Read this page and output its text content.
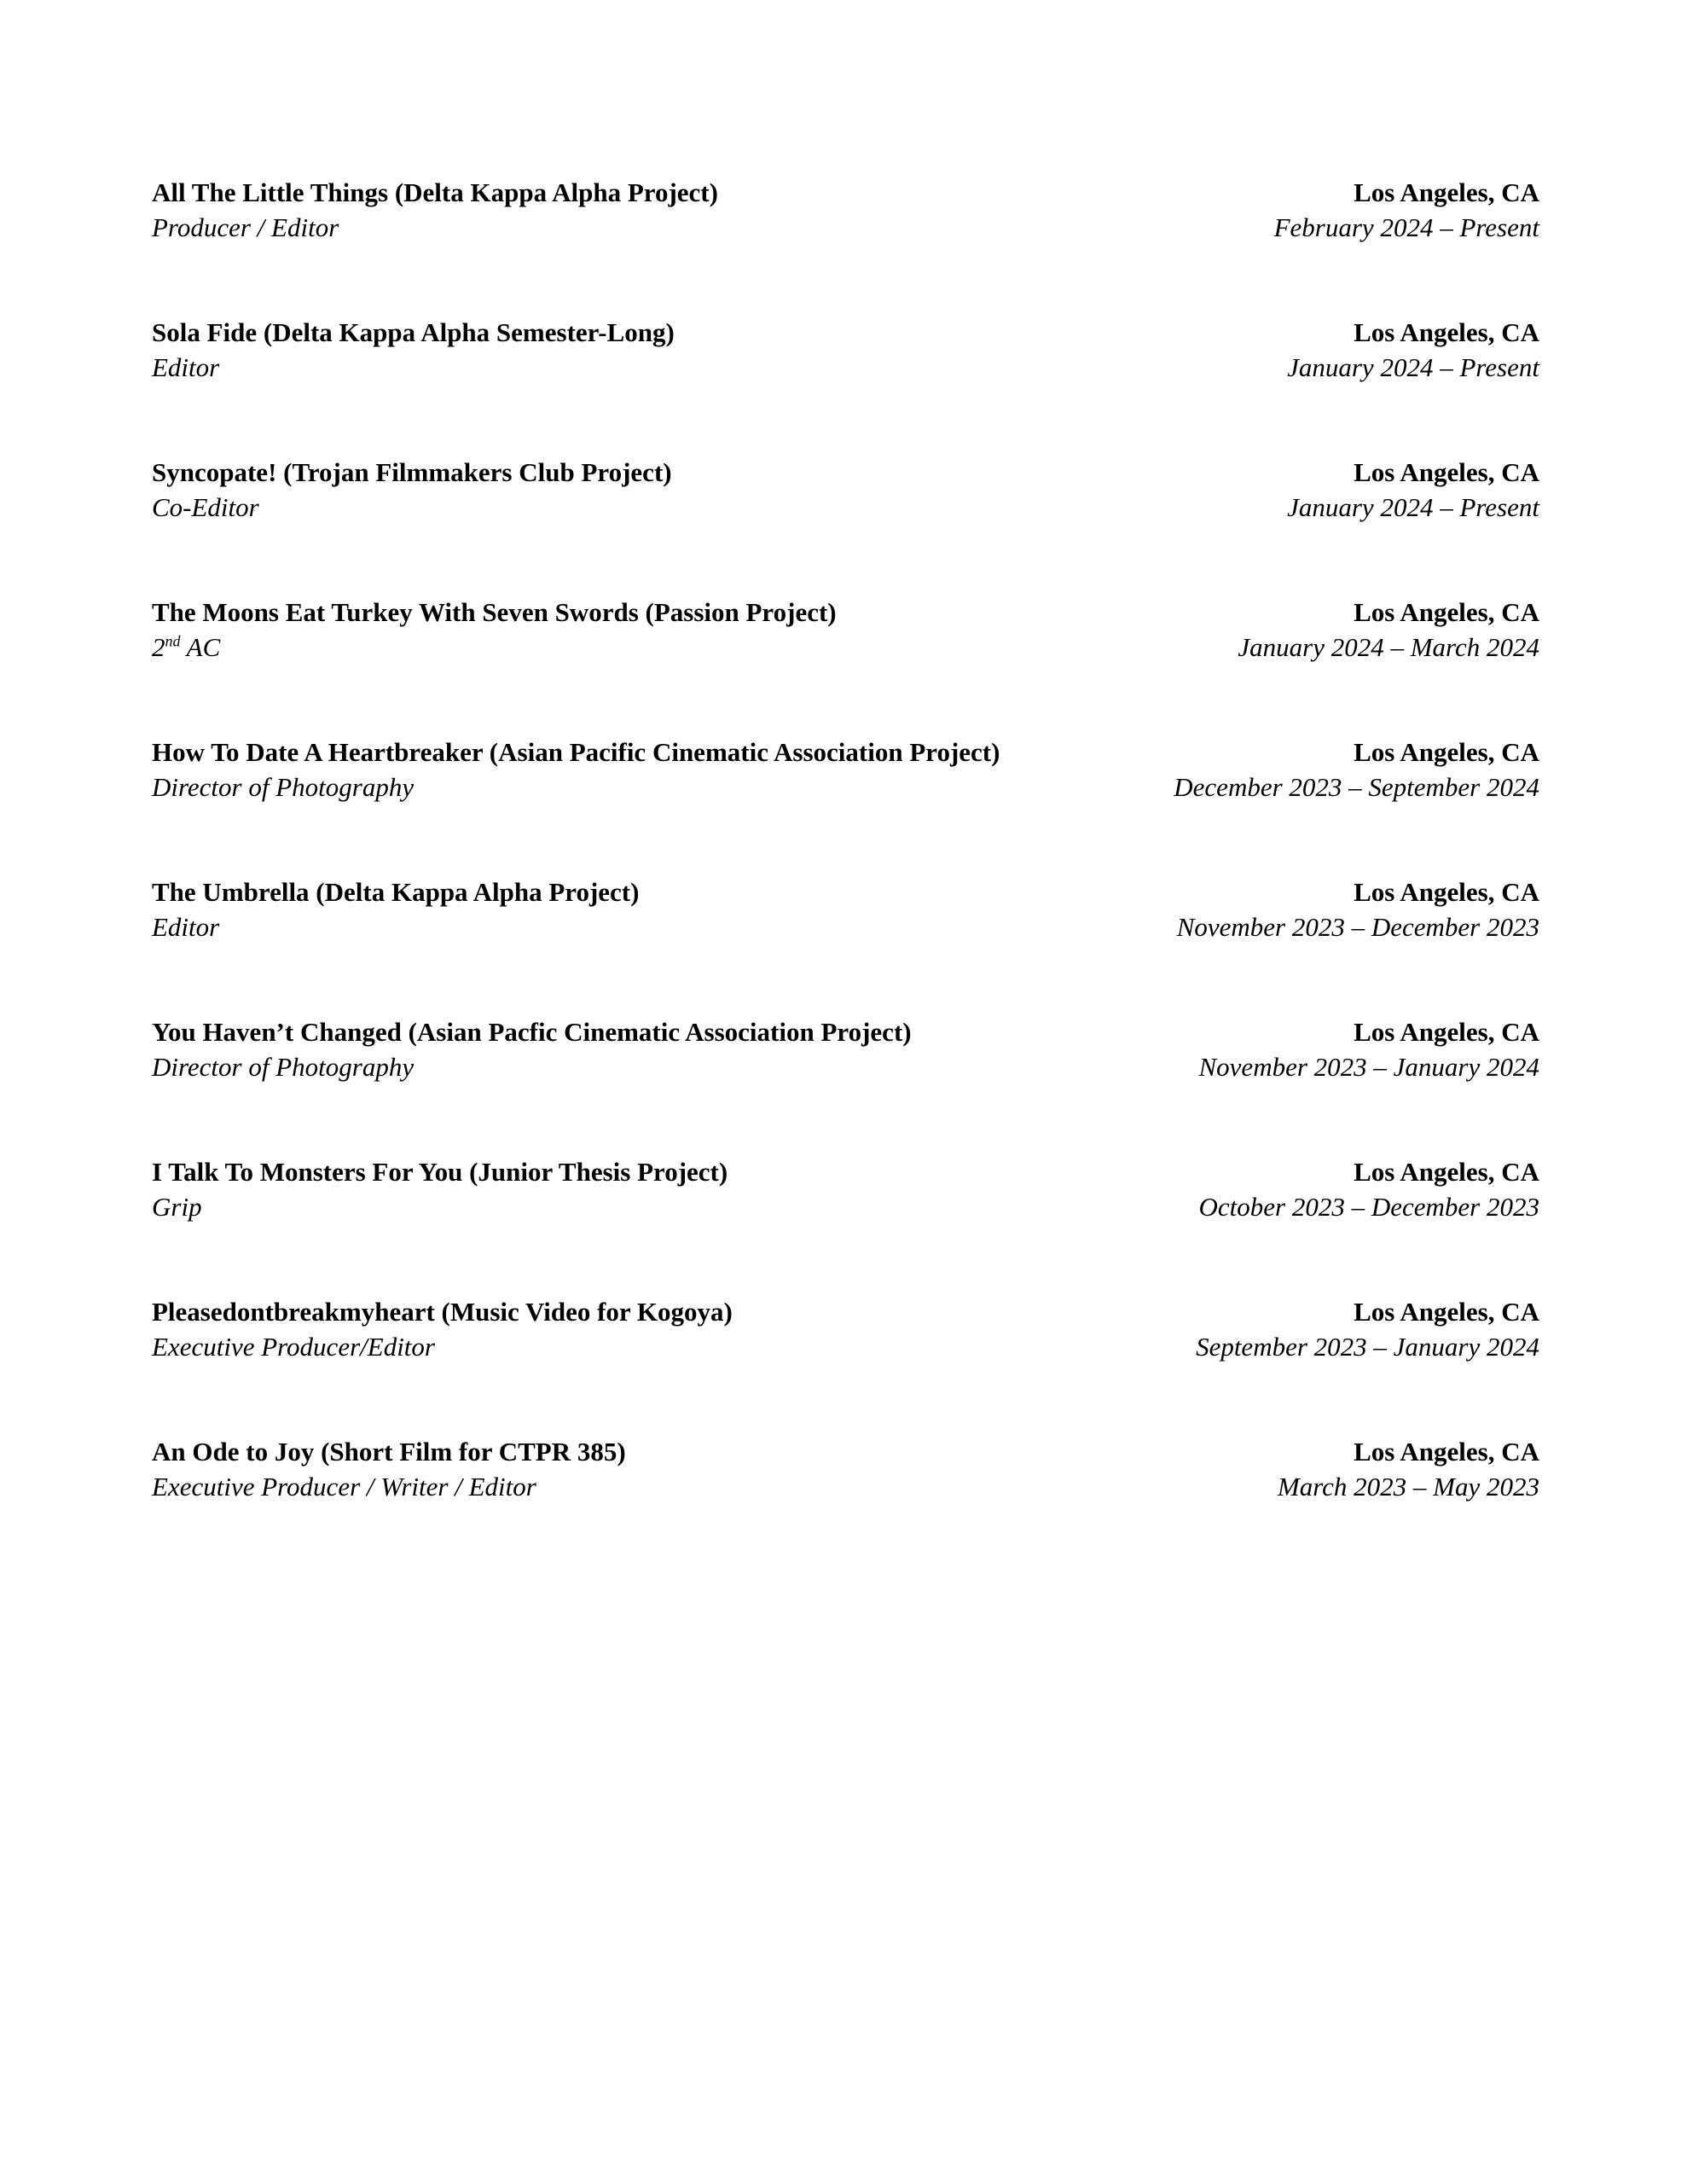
All The Little Things (Delta Kappa Alpha Project)	Los Angeles, CA
Producer / Editor	February 2024 – Present
Sola Fide (Delta Kappa Alpha Semester-Long)	Los Angeles, CA
Editor	January 2024 – Present
Syncopate! (Trojan Filmmakers Club Project)	Los Angeles, CA
Co-Editor	January 2024 – Present
The Moons Eat Turkey With Seven Swords (Passion Project)	Los Angeles, CA
2nd AC	January 2024 – March 2024
How To Date A Heartbreaker (Asian Pacific Cinematic Association Project)	Los Angeles, CA
Director of Photography	December 2023 – September 2024
The Umbrella (Delta Kappa Alpha Project)	Los Angeles, CA
Editor	November 2023 – December 2023
You Haven’t Changed (Asian Pacfic Cinematic Association Project)	Los Angeles, CA
Director of Photography	November 2023 – January 2024
I Talk To Monsters For You (Junior Thesis Project)	Los Angeles, CA
Grip	October 2023 – December 2023
Pleasedontbreakmyheart (Music Video for Kogoya)	Los Angeles, CA
Executive Producer/Editor	September 2023 – January 2024
An Ode to Joy (Short Film for CTPR 385)	Los Angeles, CA
Executive Producer / Writer / Editor	March 2023 – May 2023
